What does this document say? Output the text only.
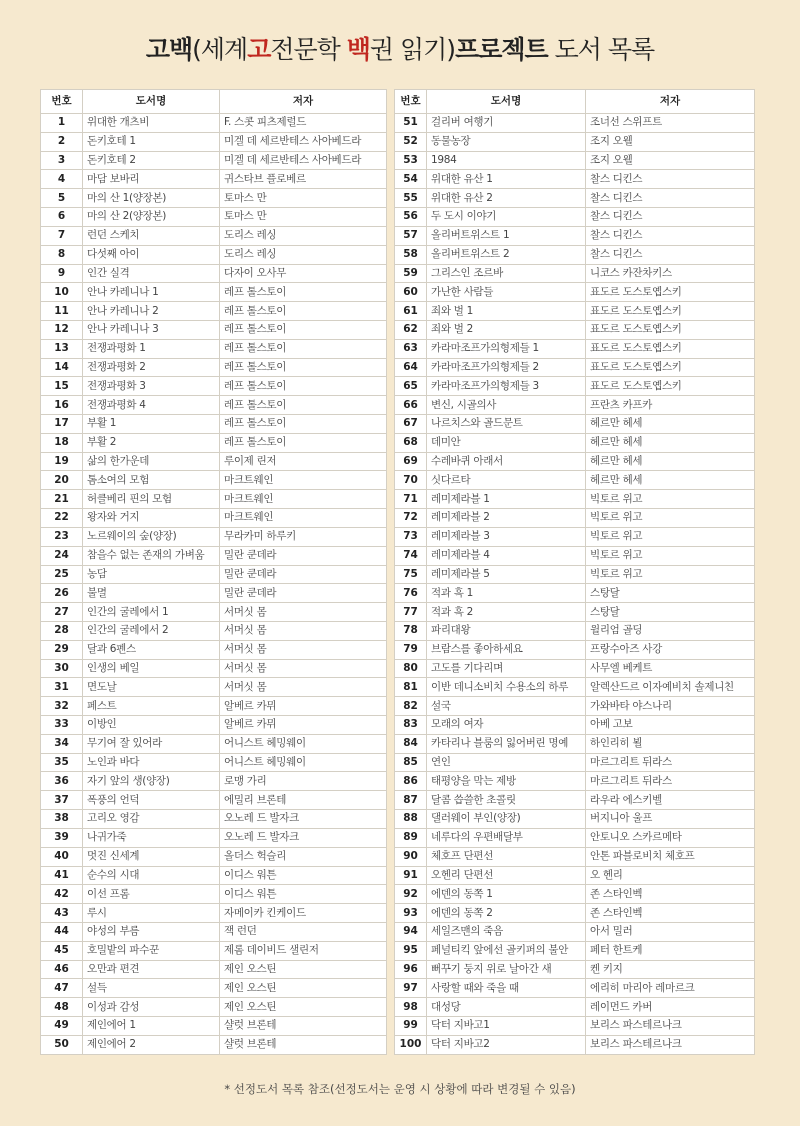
고백(세계고전문학 백권 읽기)프로젝트 도서 목록
번호	도서명	저자
1	위대한 개츠비	F. 스콧 피츠제럴드
2	돈키호테 1	미겔 데 세르반테스 사아베드라
3	돈키호테 2	미겔 데 세르반테스 사아베드라
4	마담 보바리	귀스타브 플로베르
5	마의 산 1(양장본)	토마스 만
6	마의 산 2(양장본)	토마스 만
7	런던 스케치	도리스 레싱
8	다섯째 아이	도리스 레싱
9	인간 실격	다자이 오사무
10	안나 카레니나 1	레프 톨스토이
11	안나 카레니나 2	레프 톨스토이
12	안나 카레니나 3	레프 톨스토이
13	전쟁과평화 1	레프 톨스토이
14	전쟁과평화 2	레프 톨스토이
15	전쟁과평화 3	레프 톨스토이
16	전쟁과평화 4	레프 톨스토이
17	부활 1	레프 톨스토이
18	부활 2	레프 톨스토이
19	삶의 한가운데	루이제 린저
20	톰소여의 모험	마크트웨인
21	허클베리 핀의 모험	마크트웨인
22	왕자와 거지	마크트웨인
23	노르웨이의 숲(양장)	무라카미 하루키
24	참을수 없는 존재의 가벼움	밀란 쿤데라
25	농담	밀란 쿤데라
26	불멸	밀란 쿤데라
27	인간의 굴레에서 1	서머싯 몸
28	인간의 굴레에서 2	서머싯 몸
29	달과 6펜스	서머싯 몸
30	인생의 베일	서머싯 몸
31	면도날	서머싯 몸
32	페스트	알베르 카뮈
33	이방인	알베르 카뮈
34	무기여 잘 있어라	어니스트 헤밍웨이
35	노인과 바다	어니스트 헤밍웨이
36	자기 앞의 생(양장)	로맹 가리
37	폭풍의 언덕	에밀리 브론테
38	고리오 영감	오노레 드 발자크
39	나귀가죽	오노레 드 발자크
40	멋진 신세계	올더스 헉슬리
41	순수의 시대	이디스 워튼
42	이선 프롬	이디스 워튼
43	루시	자메이카 킨케이드
44	야성의 부름	잭 런던
45	호밀밭의 파수꾼	제롬 데이비드 샐린저
46	오만과 편견	제인 오스틴
47	설득	제인 오스틴
48	이성과 감성	제인 오스틴
49	제인에어 1	샬럿 브론테
50	제인에어 2	샬럿 브론테
번호	도서명	저자
51	걸리버 여행기	조너선 스위프트
52	동물농장	조지 오웰
53	1984	조지 오웰
54	위대한 유산 1	찰스 디킨스
55	위대한 유산 2	찰스 디킨스
56	두 도시 이야기	찰스 디킨스
57	올리버트위스트 1	찰스 디킨스
58	올리버트위스트 2	찰스 디킨스
59	그리스인 조르바	니코스 카잔차키스
60	가난한 사람들	표도르 도스토옙스키
61	죄와 벌 1	표도르 도스토옙스키
62	죄와 벌 2	표도르 도스토옙스키
63	카라마조프가의형제들 1	표도르 도스토옙스키
64	카라마조프가의형제들 2	표도르 도스토옙스키
65	카라마조프가의형제들 3	표도르 도스토옙스키
66	변신, 시골의사	프란츠 카프카
67	나르치스와 골드문트	헤르만 헤세
68	데미안	헤르만 헤세
69	수레바퀴 아래서	헤르만 헤세
70	싯다르타	헤르만 헤세
71	레미제라블 1	빅토르 위고
72	레미제라블 2	빅토르 위고
73	레미제라블 3	빅토르 위고
74	레미제라블 4	빅토르 위고
75	레미제라블 5	빅토르 위고
76	적과 흑 1	스탕달
77	적과 흑 2	스탕달
78	파리대왕	윌리엄 골딩
79	브람스를 좋아하세요	프랑수아즈 사강
80	고도를 기다리며	사무엘 베케트
81	이반 데니소비치 수용소의 하루	알렉산드르 이자예비치 솔제니친
82	설국	가와바타 야스나리
83	모래의 여자	아베 고보
84	카타리나 블룸의 잃어버린 명예	하인리히 뵐
85	연인	마르그리트 뒤라스
86	태평양을 막는 제방	마르그리트 뒤라스
87	달콤 씁쓸한 초콜릿	라우라 에스키벨
88	댈러웨이 부인(양장)	버지니아 울프
89	네루다의 우편배달부	안토니오 스카르메타
90	체호프 단편선	안톤 파블로비치 체호프
91	오헨리 단편선	오 헨리
92	에덴의 동쪽 1	존 스타인벡
93	에덴의 동쪽 2	존 스타인벡
94	세일즈맨의 죽음	아서 밀러
95	페널티킥 앞에선 골키퍼의 불안	페터 한트케
96	뻐꾸기 둥지 위로 날아간 새	켄 키지
97	사랑할 때와 죽을 때	에리히 마리아 레마르크
98	대성당	레이먼드 카버
99	닥터 지바고1	보리스 파스테르나크
100	닥터 지바고2	보리스 파스테르나크
* 선정도서 목록 참조(선정도서는 운영 시 상황에 따라 변경될 수 있음)
